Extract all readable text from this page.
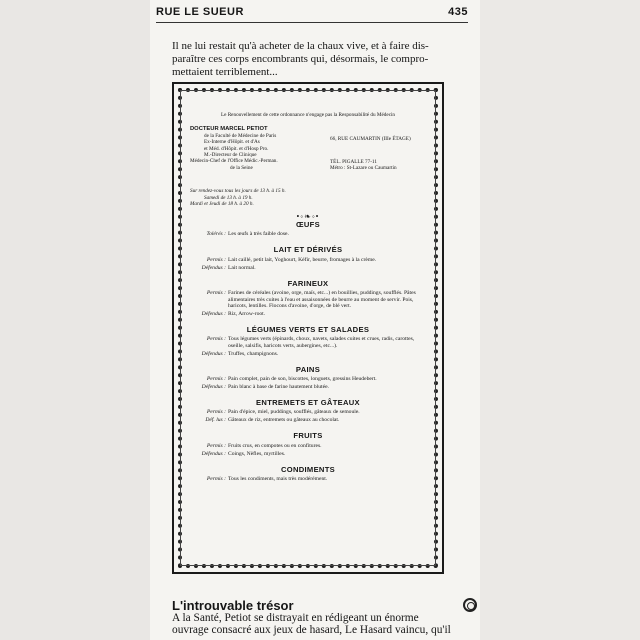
RUE LE SUEUR	435
Il ne lui restait qu'à acheter de la chaux vive, et à faire dis-
paraître ces corps encombrants qui, désormais, le compro-
mettaient terriblement...
Le Renouvellement de cette ordonnance n'engage pas la Responsabilité du Médecin
DOCTEUR MARCEL PETIOT
de la Faculté de Médecine de Paris
Ex-Interne d'Hôpit. et d'As
et Méd. d'Hôpit. et d'Hosp Pro.
M.-Directeur de Clinique
Médecin-Chef de l'Office Médic.-Perman.
de la Seine
66, RUE CAUMARTIN (IIIe ÉTAGE)
TÉL. PIGALLE 77-11
Métro : St-Lazare ou Caumartin
Sur rendez-vous tous les jours de 13 h. à 15 h.
Samedi de 13 h. à 19 h.
Mardi et Jeudi de 18 h. à 20 h.
•◦❧◦•
ŒUFS
Tolérés : Les œufs à très faible dose.
LAIT ET DÉRIVÉS
Permis : Lait caillé, petit lait, Yoghourt, Kéfir, beurre, fromages à la crème.
Défendus : Lait normal.
FARINEUX
Permis : Farines de céréales (avoine, orge, maïs, etc...) en bouillies, puddings, soufflés. Pâtes alimentaires très cuites à l'eau et assaisonnées de beurre au moment de servir. Pois, haricots, lentilles. Flocons d'avoine, d'orge, de blé vert.
Défendus : Riz, Arrow-root.
LÉGUMES VERTS ET SALADES
Permis : Tous légumes verts (épinards, choux, navets, salades cuites et crues, radis, carottes, oseille, salsifis, haricots verts, aubergines, etc...).
Défendus : Truffes, champignons.
PAINS
Permis : Pain complet, pain de son, biscottes, longuets, gressins Heudebert.
Défendus : Pain blanc à base de farine hautement blutée.
ENTREMETS ET GÂTEAUX
Permis : Pain d'épice, miel, puddings, soufflés, gâteaux de semoule.
Déf. lus : Gâteaux de riz, entremets ou gâteaux au chocolat.
FRUITS
Permis : Fruits crus, en compotes ou en confitures.
Défendus : Coings, Nèfles, myrtilles.
CONDIMENTS
Permis : Tous les condiments, mais très modérément.
L'introuvable trésor
A la Santé, Petiot se distrayait en rédigeant un énorme
ouvrage consacré aux jeux de hasard, Le Hasard vaincu, qu'il
